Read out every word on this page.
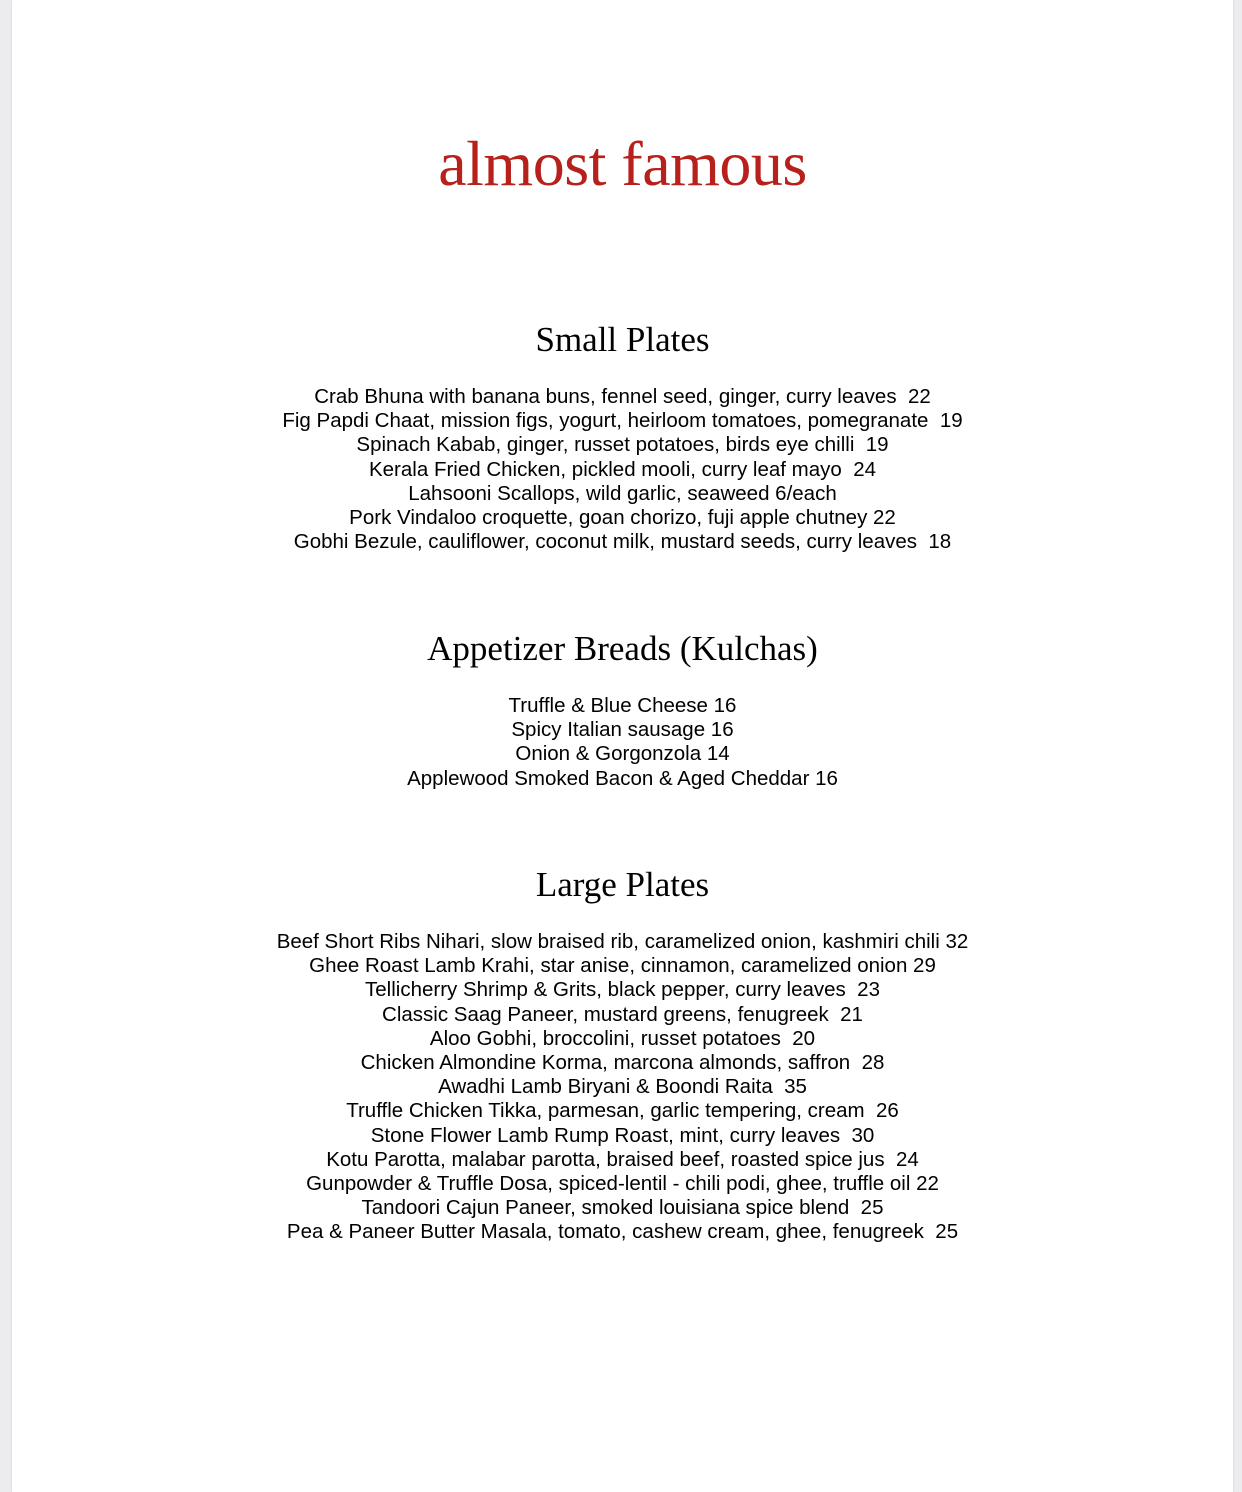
almost famous
Small Plates
Crab Bhuna with banana buns, fennel seed, ginger, curry leaves  22
Fig Papdi Chaat, mission figs, yogurt, heirloom tomatoes, pomegranate  19
Spinach Kabab, ginger, russet potatoes, birds eye chilli  19
Kerala Fried Chicken, pickled mooli, curry leaf mayo  24
Lahsooni Scallops, wild garlic, seaweed 6/each
Pork Vindaloo croquette, goan chorizo, fuji apple chutney 22
Gobhi Bezule, cauliflower, coconut milk, mustard seeds, curry leaves  18
Appetizer Breads (Kulchas)
Truffle & Blue Cheese 16
Spicy Italian sausage 16
Onion & Gorgonzola 14
Applewood Smoked Bacon & Aged Cheddar 16
Large Plates
Beef Short Ribs Nihari, slow braised rib, caramelized onion, kashmiri chili 32
Ghee Roast Lamb Krahi, star anise, cinnamon, caramelized onion 29
Tellicherry Shrimp & Grits, black pepper, curry leaves  23
Classic Saag Paneer, mustard greens, fenugreek  21
Aloo Gobhi, broccolini, russet potatoes  20
Chicken Almondine Korma, marcona almonds, saffron  28
Awadhi Lamb Biryani & Boondi Raita  35
Truffle Chicken Tikka, parmesan, garlic tempering, cream  26
Stone Flower Lamb Rump Roast, mint, curry leaves  30
Kotu Parotta, malabar parotta, braised beef, roasted spice jus  24
Gunpowder & Truffle Dosa, spiced-lentil - chili podi, ghee, truffle oil 22
Tandoori Cajun Paneer, smoked louisiana spice blend  25
Pea & Paneer Butter Masala, tomato, cashew cream, ghee, fenugreek  25
